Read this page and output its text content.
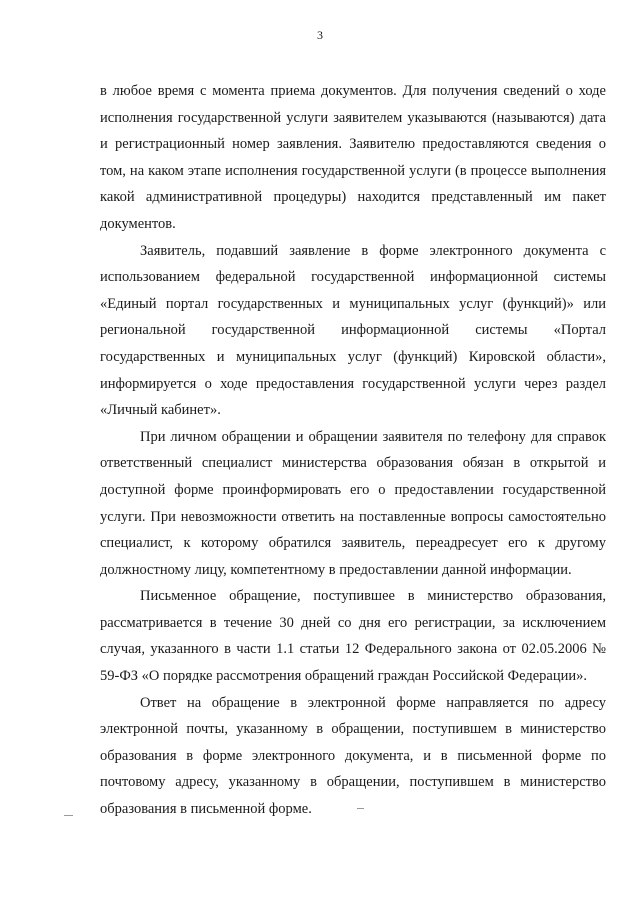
3

в любое время с момента приема документов. Для получения сведений о ходе исполнения государственной услуги заявителем указываются (называются) дата и регистрационный номер заявления. Заявителю предоставляются сведения о том, на каком этапе исполнения государственной услуги (в процессе выполнения какой административной процедуры) находится представленный им пакет документов.

Заявитель, подавший заявление в форме электронного документа с использованием федеральной государственной информационной системы «Единый портал государственных и муниципальных услуг (функций)» или региональной государственной информационной системы «Портал государственных и муниципальных услуг (функций) Кировской области», информируется о ходе предоставления государственной услуги через раздел «Личный кабинет».

При личном обращении и обращении заявителя по телефону для справок ответственный специалист министерства образования обязан в открытой и доступной форме проинформировать его о предоставлении государственной услуги. При невозможности ответить на поставленные вопросы самостоятельно специалист, к которому обратился заявитель, переадресует его к другому должностному лицу, компетентному в предоставлении данной информации.

Письменное обращение, поступившее в министерство образования, рассматривается в течение 30 дней со дня его регистрации, за исключением случая, указанного в части 1.1 статьи 12 Федерального закона от 02.05.2006 № 59-ФЗ «О порядке рассмотрения обращений граждан Российской Федерации».

Ответ на обращение в электронной форме направляется по адресу электронной почты, указанному в обращении, поступившем в министерство образования в форме электронного документа, и в письменной форме по почтовому адресу, указанному в обращении, поступившем в министерство образования в письменной форме.
